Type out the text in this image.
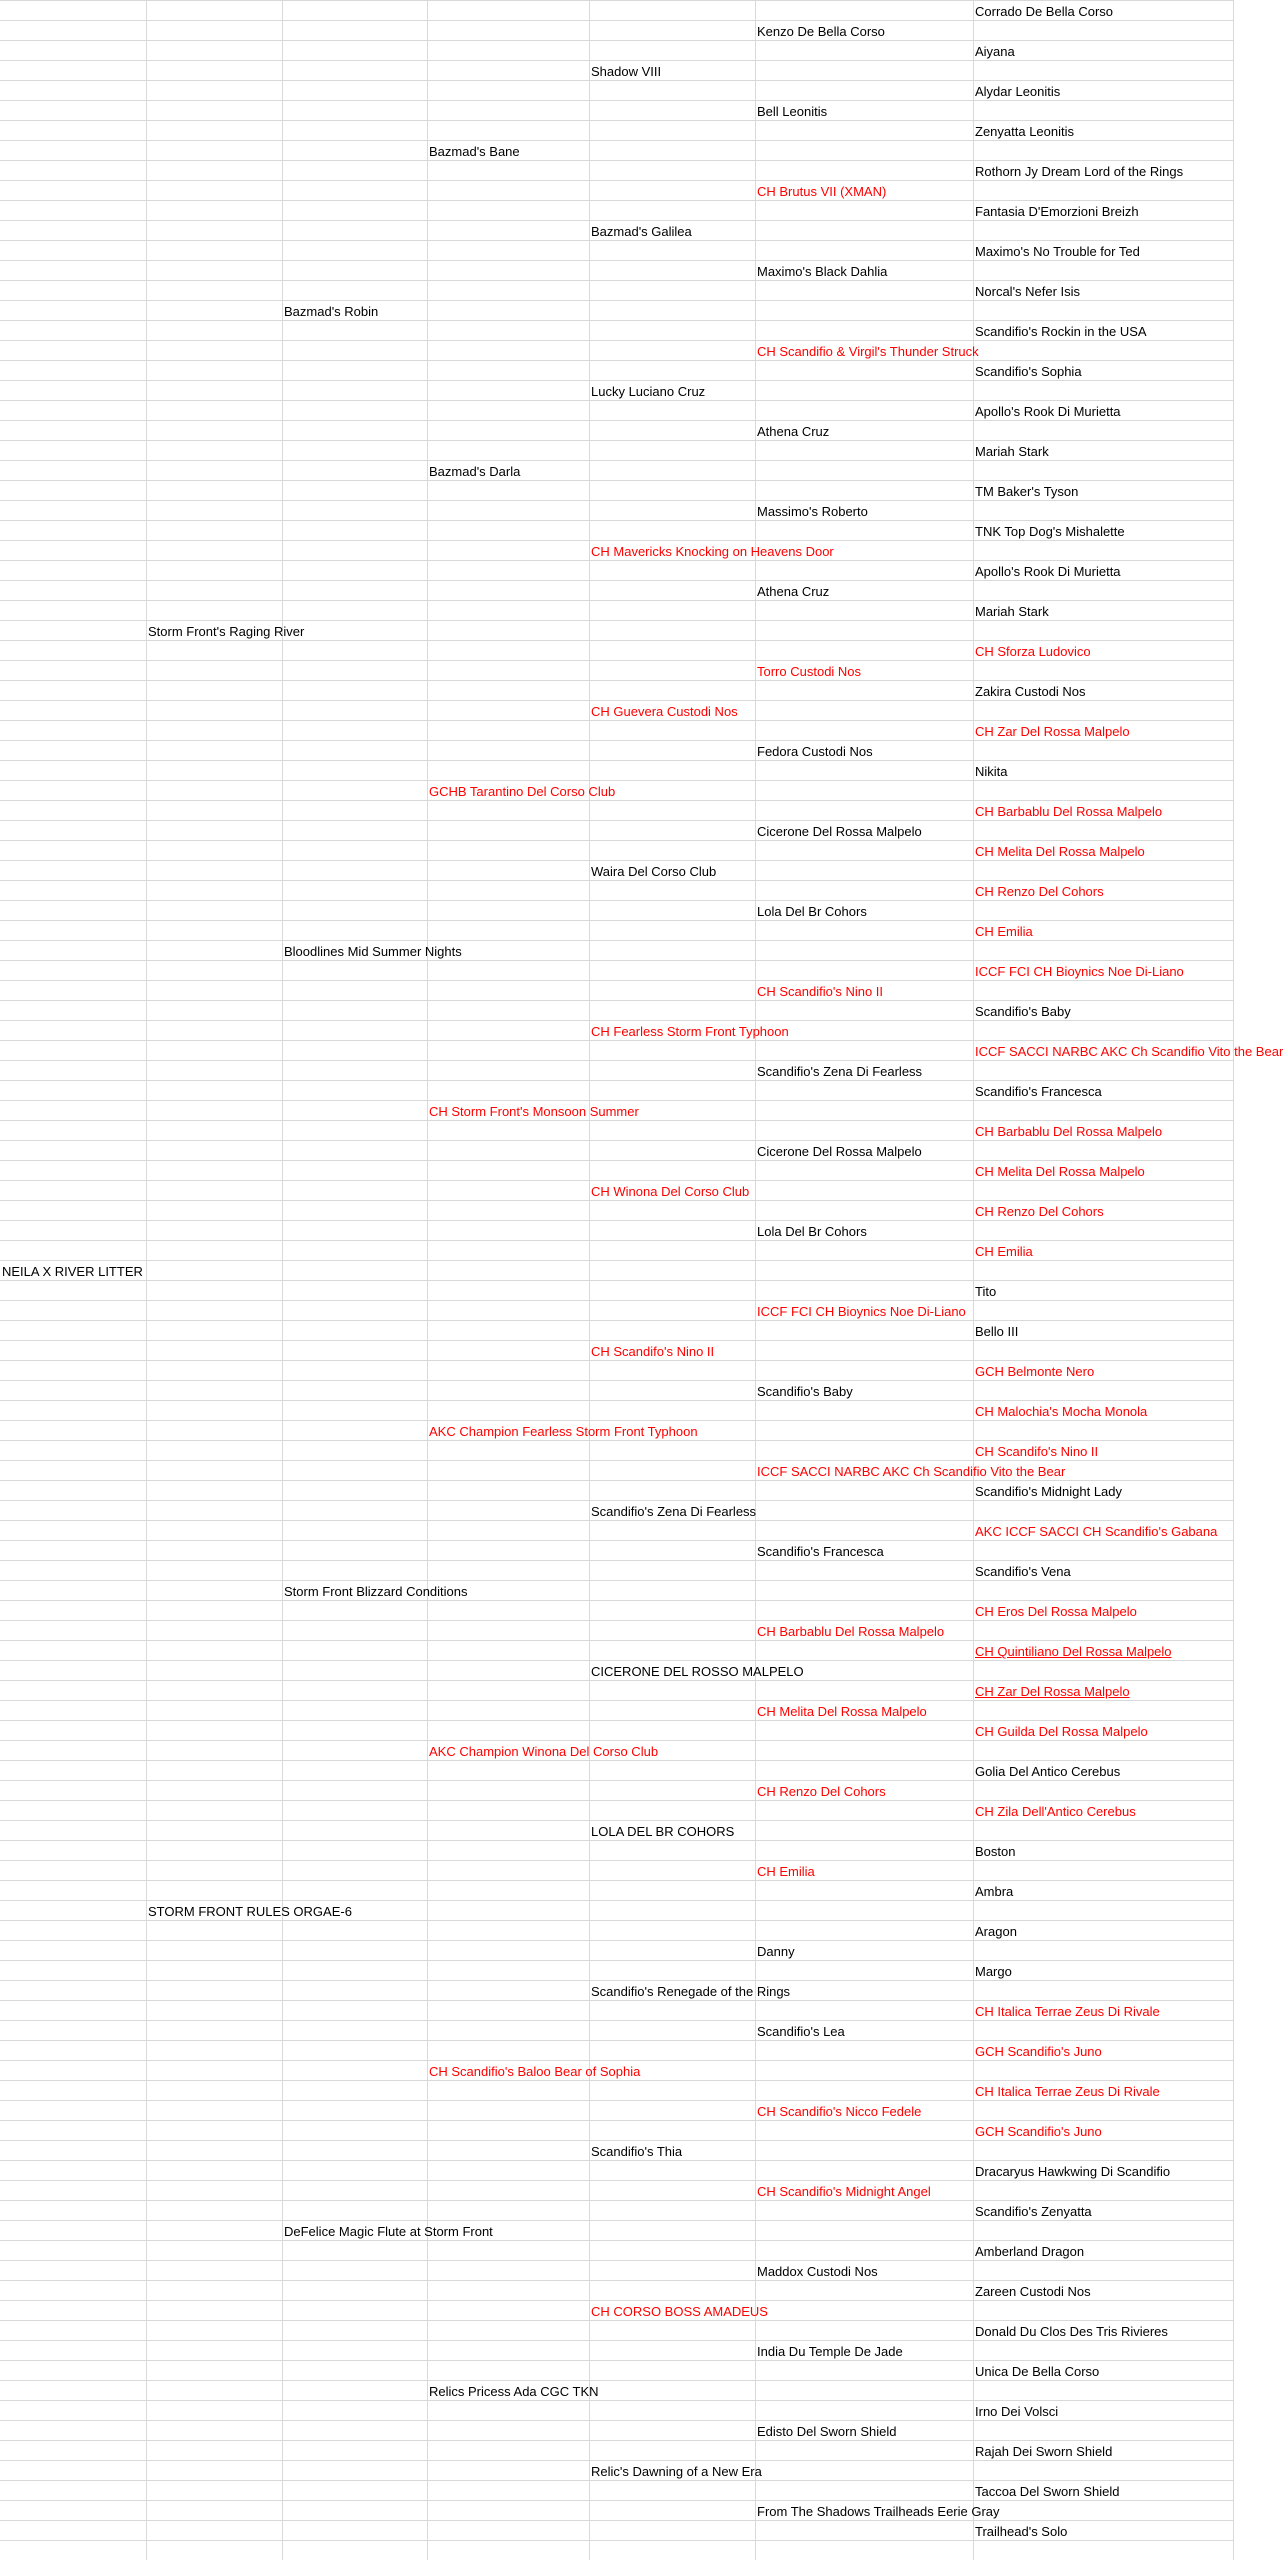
Corrado De Bella Corso
Kenzo De Bella Corso
Aiyana
Shadow VIII
Alydar Leonitis
Bell Leonitis
Zenyatta Leonitis
Bazmad's Bane
Rothorn Jy Dream Lord of the Rings
CH Brutus VII (XMAN)
Fantasia D'Emorzioni Breizh
Bazmad's Galilea
Maximo's No Trouble for Ted
Maximo's Black Dahlia
Norcal's Nefer Isis
Bazmad's Robin
Scandifio's Rockin in the USA
CH Scandifio & Virgil's Thunder Struck
Scandifio's Sophia
Lucky Luciano Cruz
Apollo's Rook Di Murietta
Athena Cruz
Mariah Stark
Bazmad's Darla
TM Baker's Tyson
Massimo's Roberto
TNK Top Dog's Mishalette
CH Mavericks Knocking on Heavens Door
Apollo's Rook Di Murietta
Athena Cruz
Mariah Stark
Storm Front's Raging River
CH Sforza Ludovico
Torro Custodi Nos
Zakira Custodi Nos
CH Guevera Custodi Nos
CH Zar Del Rossa Malpelo
Fedora Custodi Nos
Nikita
GCHB Tarantino Del Corso Club
CH Barbablu Del Rossa Malpelo
Cicerone Del Rossa Malpelo
CH Melita Del Rossa Malpelo
Waira Del Corso Club
CH Renzo Del Cohors
Lola Del Br Cohors
CH Emilia
Bloodlines Mid Summer Nights
ICCF FCI CH Bioynics Noe Di-Liano
CH Scandifio's Nino II
Scandifio's Baby
CH Fearless Storm Front Typhoon
ICCF SACCI NARBC AKC Ch Scandifio Vito the Bear
Scandifio's Zena Di Fearless
Scandifio's Francesca
CH Storm Front's Monsoon Summer
CH Barbablu Del Rossa Malpelo
Cicerone Del Rossa Malpelo
CH Melita Del Rossa Malpelo
CH Winona Del Corso Club
CH Renzo Del Cohors
Lola Del Br Cohors
CH Emilia
NEILA X RIVER LITTER
Tito
ICCF FCI CH Bioynics Noe Di-Liano
Bello III
CH Scandifo's Nino II
GCH Belmonte Nero
Scandifio's Baby
CH Malochia's Mocha Monola
AKC Champion Fearless Storm Front Typhoon
CH Scandifo's Nino II
ICCF SACCI NARBC AKC Ch Scandifio Vito the Bear
Scandifio's Midnight Lady
Scandifio's Zena Di Fearless
AKC ICCF SACCI CH Scandifio's Gabana
Scandifio's Francesca
Scandifio's Vena
Storm Front Blizzard Conditions
CH Eros Del Rossa Malpelo
CH Barbablu Del Rossa Malpelo
CH Quintiliano Del Rossa Malpelo
CICERONE DEL ROSSO MALPELO
CH Zar Del Rossa Malpelo
CH Melita Del Rossa Malpelo
CH Guilda Del Rossa Malpelo
AKC Champion Winona Del Corso Club
Golia Del Antico Cerebus
CH Renzo Del Cohors
CH Zila Dell'Antico Cerebus
LOLA DEL BR COHORS
Boston
CH Emilia
Ambra
STORM FRONT RULES ORGAE-6
Aragon
Danny
Margo
Scandifio's Renegade of the Rings
CH Italica Terrae Zeus Di Rivale
Scandifio's Lea
GCH Scandifio's Juno
CH Scandifio's Baloo Bear of Sophia
CH Italica Terrae Zeus Di Rivale
CH Scandifio's Nicco Fedele
GCH Scandifio's Juno
Scandifio's Thia
Dracaryus Hawkwing Di Scandifio
CH Scandifio's Midnight Angel
Scandifio's Zenyatta
DeFelice Magic Flute at Storm Front
Amberland Dragon
Maddox Custodi Nos
Zareen Custodi Nos
CH CORSO BOSS AMADEUS
Donald Du Clos Des Tris Rivieres
India Du Temple De Jade
Unica De Bella Corso
Relics Pricess Ada CGC TKN
Irno Dei Volsci
Edisto Del Sworn Shield
Rajah Dei Sworn Shield
Relic's Dawning of a New Era
Taccoa Del Sworn Shield
From The Shadows Trailheads Eerie Gray
Trailhead's Solo
